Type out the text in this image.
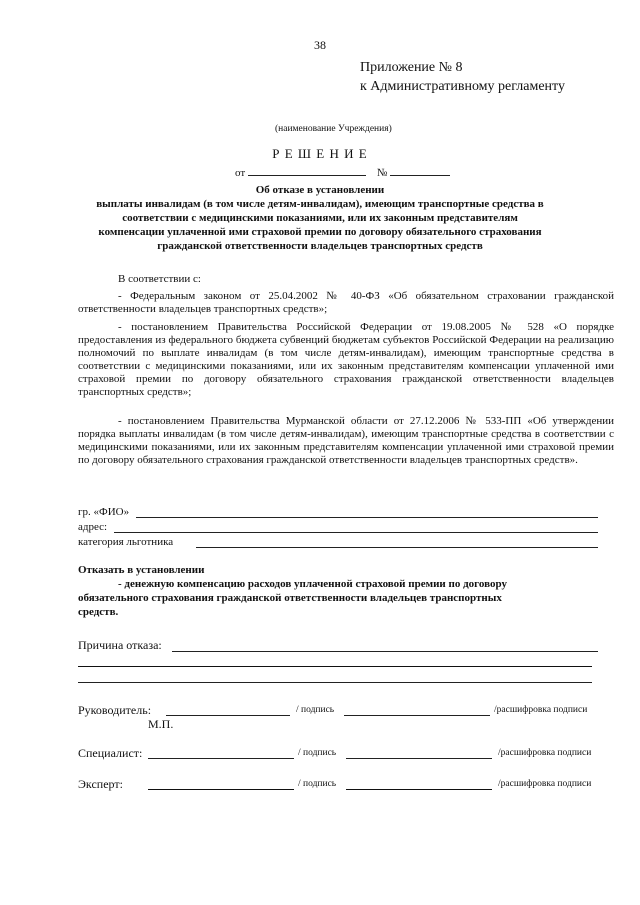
38
Приложение № 8
к Административному регламенту
(наименование Учреждения)
Р Е Ш Е Н И Е
от	№
Об отказе в установлении
выплаты инвалидам (в том числе детям-инвалидам), имеющим транспортные средства в
соответствии с медицинскими показаниями, или их законным представителям
компенсации уплаченной ими страховой премии по договору обязательного страхования
гражданской ответственности владельцев транспортных средств
В соответствии с:
- Федеральным законом от 25.04.2002 № 40-ФЗ «Об обязательном страховании гражданской ответственности владельцев транспортных средств»;
- постановлением Правительства Российской Федерации от 19.08.2005 № 528 «О порядке предоставления из федерального бюджета субвенций бюджетам субъектов Российской Федерации на реализацию полномочий по выплате инвалидам (в том числе детям-инвалидам), имеющим транспортные средства в соответствии с медицинскими показаниями, или их законным представителям компенсации уплаченной ими страховой премии по договору обязательного страхования гражданской ответственности владельцев транспортных средств»;
- постановлением Правительства Мурманской области от 27.12.2006 № 533-ПП «Об утверждении порядка выплаты инвалидам (в том числе детям-инвалидам), имеющим транспортные средства в соответствии с медицинскими показаниями, или их законным представителям компенсации уплаченной ими страховой премии по договору обязательного страхования гражданской ответственности владельцев транспортных средств».
гр. «ФИО»
адрес:
категория льготника
Отказать в установлении
- денежную компенсацию расходов уплаченной страховой премии по договору
обязательного страхования гражданской ответственности владельцев транспортных
средств.
Причина отказа:
Руководитель:	/ подпись	/расшифровка подписи
М.П.
Специалист:	/ подпись	/расшифровка подписи
Эксперт:	/ подпись	/расшифровка подписи
